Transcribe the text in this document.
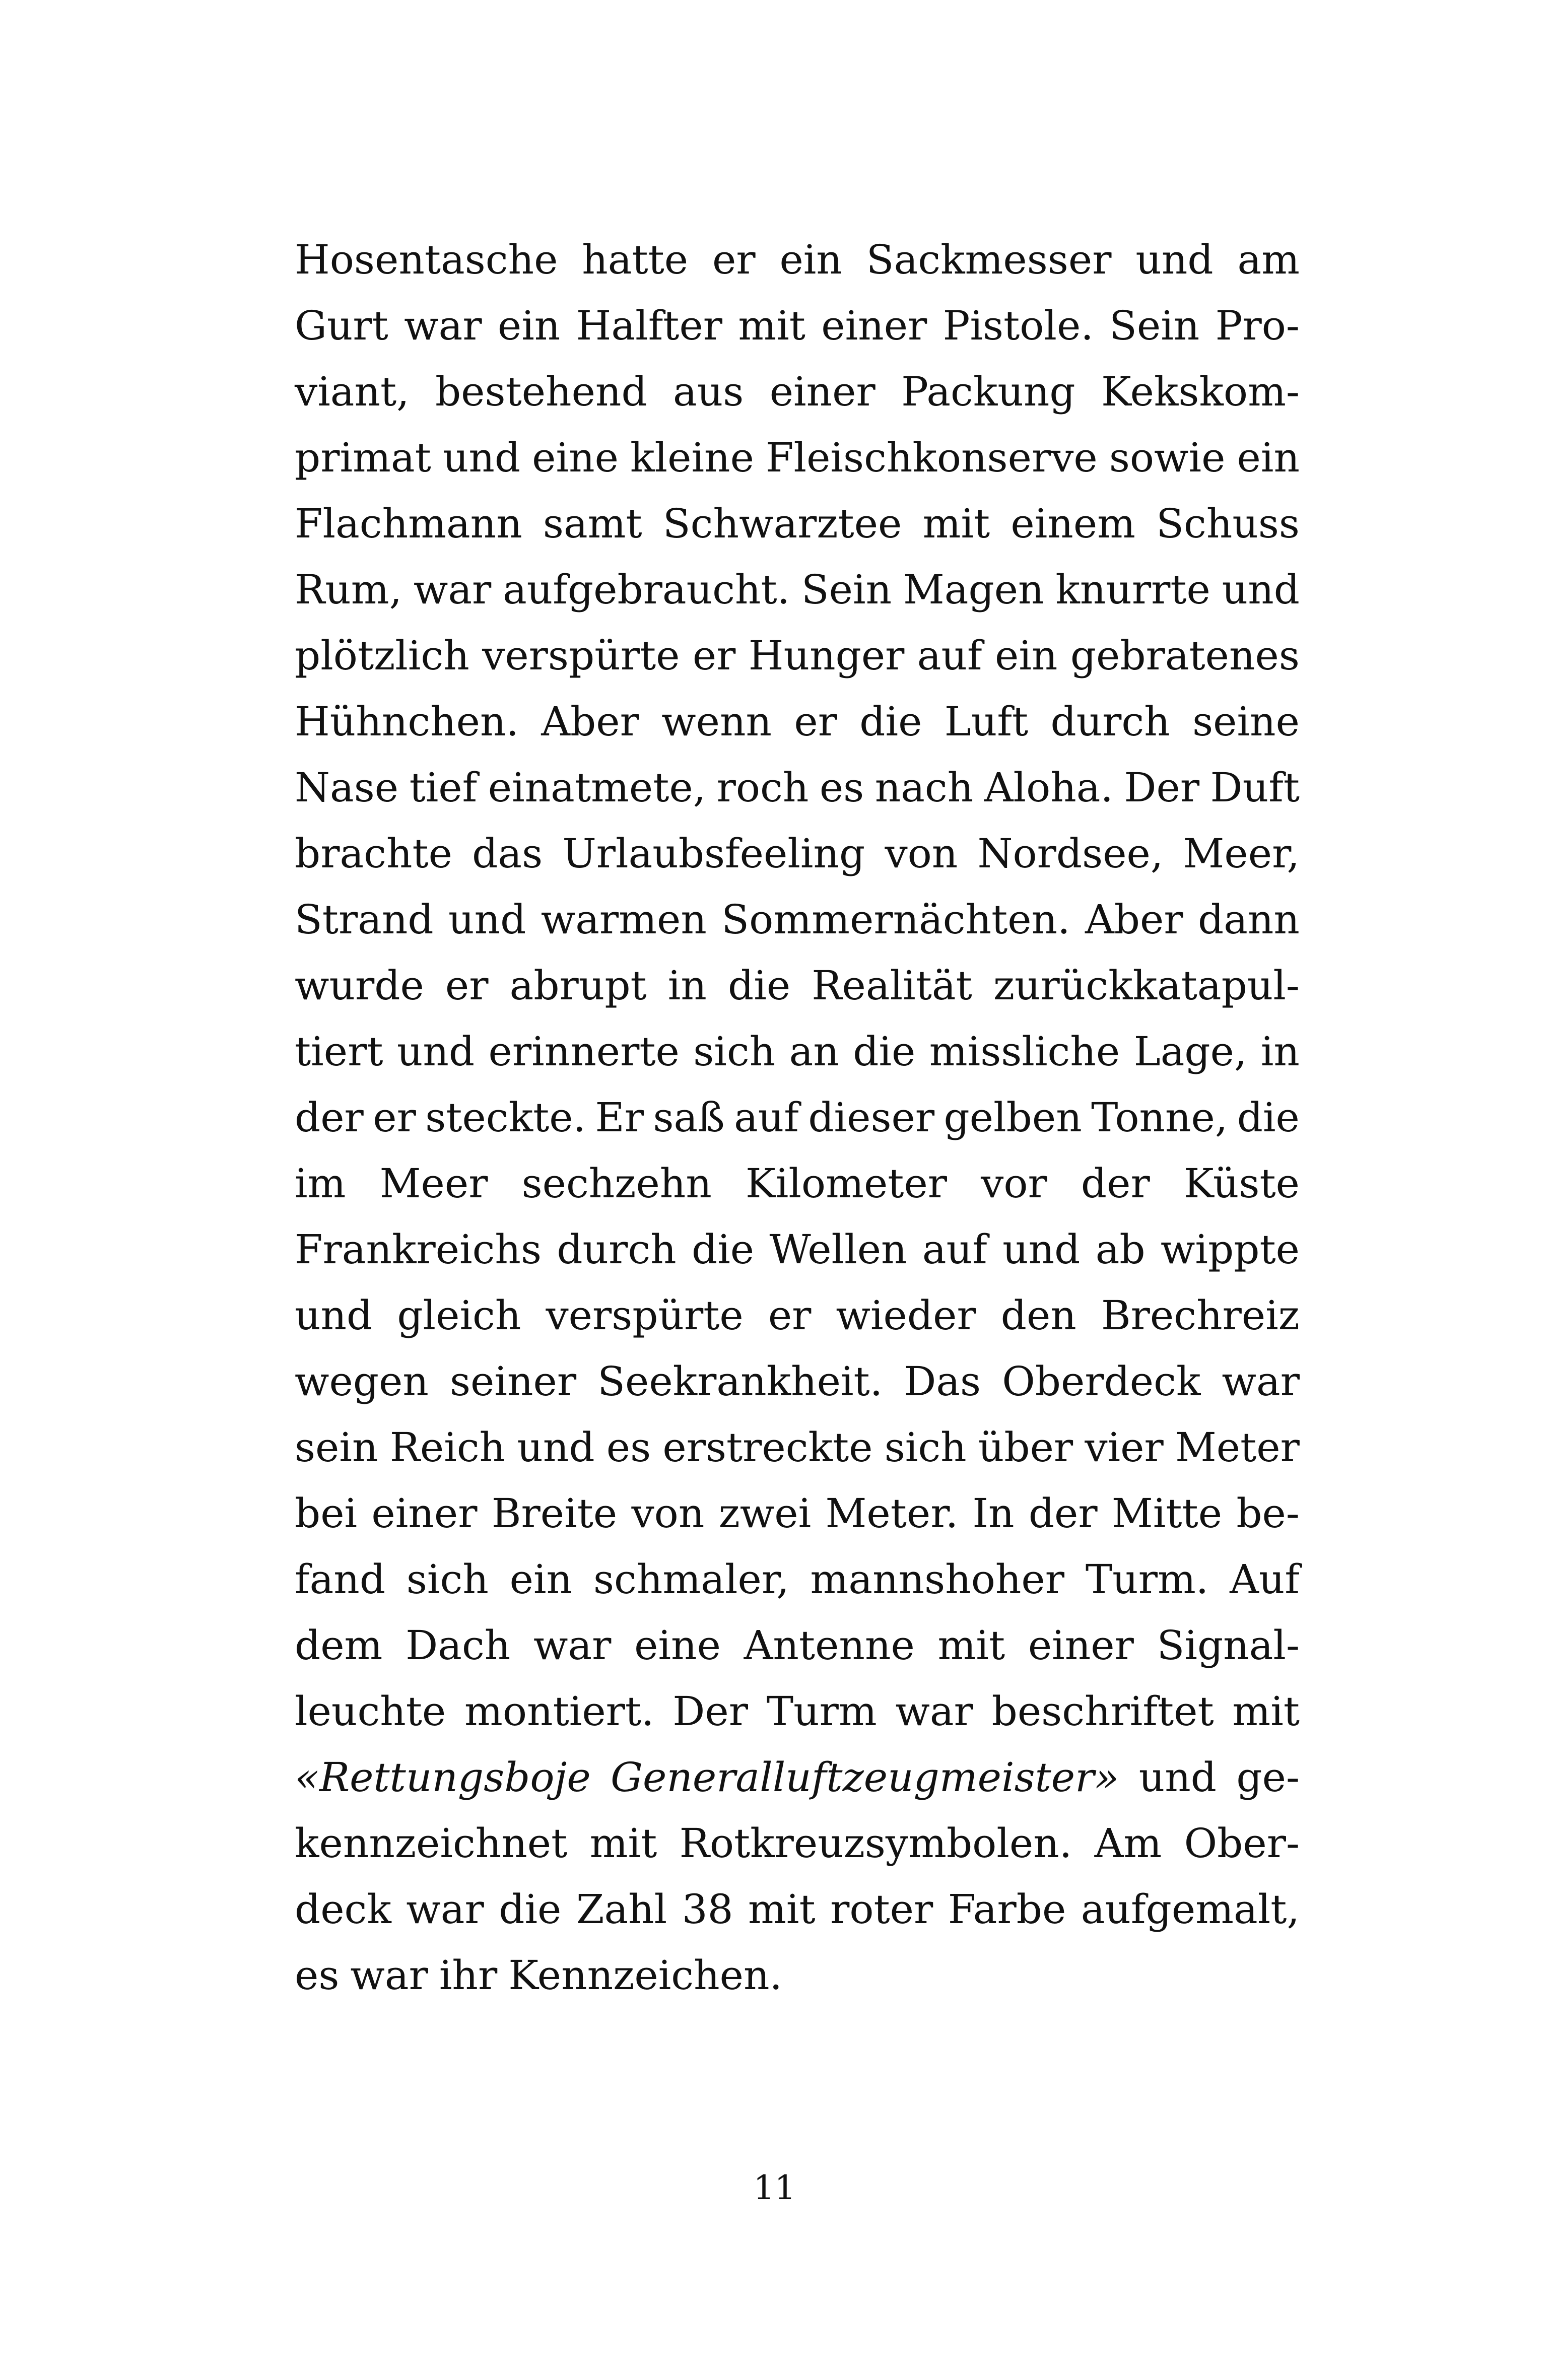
Hosentasche hatte er ein Sackmesser und am
Gurt war ein Halfter mit einer Pistole. Sein Pro-
viant, bestehend aus einer Packung Kekskom-
primat und eine kleine Fleischkonserve sowie ein
Flachmann samt Schwarztee mit einem Schuss
Rum, war aufgebraucht. Sein Magen knurrte und
plötzlich verspürte er Hunger auf ein gebratenes
Hühnchen. Aber wenn er die Luft durch seine
Nase tief einatmete, roch es nach Aloha. Der Duft
brachte das Urlaubsfeeling von Nordsee, Meer,
Strand und warmen Sommernächten. Aber dann
wurde er abrupt in die Realität zurückkatapul-
tiert und erinnerte sich an die missliche Lage, in
der er steckte. Er saß auf dieser gelben Tonne, die
im Meer sechzehn Kilometer vor der Küste
Frankreichs durch die Wellen auf und ab wippte
und gleich verspürte er wieder den Brechreiz
wegen seiner Seekrankheit. Das Oberdeck war
sein Reich und es erstreckte sich über vier Meter
bei einer Breite von zwei Meter. In der Mitte be-
fand sich ein schmaler, mannshoher Turm. Auf
dem Dach war eine Antenne mit einer Signal-
leuchte montiert. Der Turm war beschriftet mit
«Rettungsboje Generalluftzeugmeister» und ge-
kennzeichnet mit Rotkreuzsymbolen. Am Ober-
deck war die Zahl 38 mit roter Farbe aufgemalt,
es war ihr Kennzeichen.
11
